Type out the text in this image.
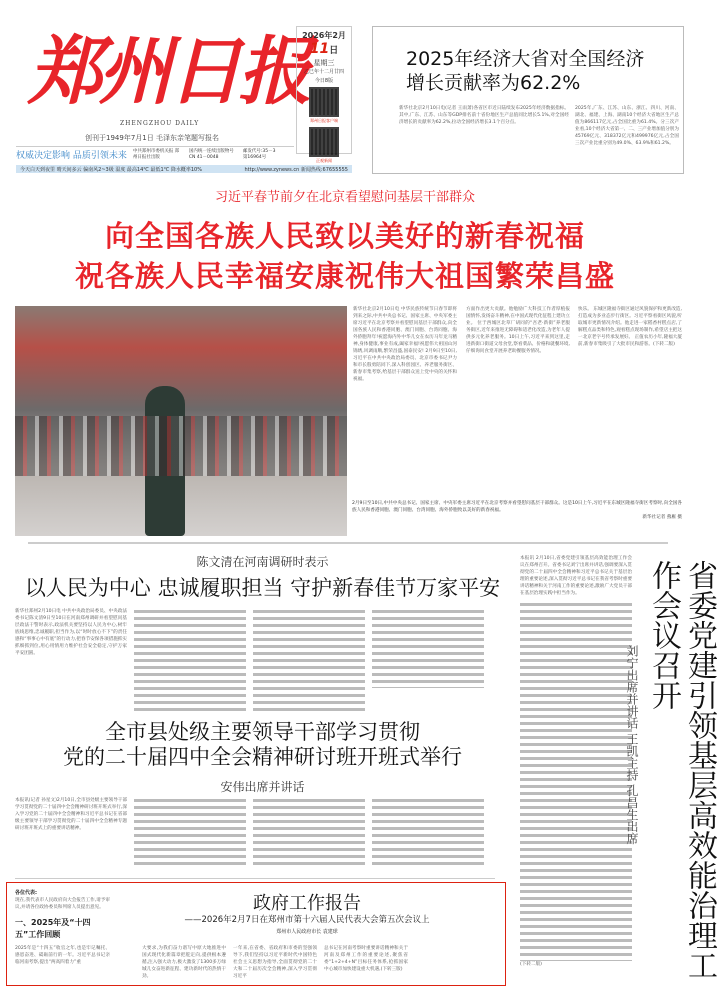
郑州日报
ZHENGZHOU DAILY
创刊于1949年7月1日 毛泽东亲笔题写报名
2026年2月
11日
星期三
乙巳年十二月廿四
今日8版
郑州日报客户端
正观新闻
权威决定影响 品质引领未来 中共郑州市委机关报 郑州日报社出版
国内统一连续出版物号 CN 41－0048
邮发代号:35－3 第16964号
今天白天到夜里 晴天间多云 偏南风2~3级 温度 最高14℃ 最低1℃ 降水概率10%	http://www.zynews.cn 新闻热线:67655555
2025年经济大省对全国经济增长贡献率为62.2%
新华社北京2月10日电(记者 王雨萧)各省区市近日陆续发布2025年经济数据指标。其中,广东、江苏、山东等GDP排名前十省份地区生产总值同比增长5.1%,对全国经济增长的贡献率为62.2%,拉动全国经济增长3.1个百分点。
2025年,广东、江苏、山东、浙江、四川、河南、湖北、福建、上海、湖南10个经济大省地区生产总值为866117亿元,占全国比重为61.4%。分三次产业看,10个经济大省第一、二、三产业增加值分别为45769亿元、318372亿元和499976亿元,占全国三次产业比重分别为49.0%、63.9%和61.2%。
习近平春节前夕在北京看望慰问基层干部群众
向全国各族人民致以美好的新春祝福
祝各族人民幸福安康祝伟大祖国繁荣昌盛
新华社北京2月10日电 中华民族传统节日春节即将到来之际,中共中央总书记、国家主席、中央军委主席习近平在北京考察并看望慰问基层干部群众,向全国各族人民和香港同胞、澳门同胞、台湾同胞、海外侨胞拜年!祝愿海内外中华儿女在农历马年龙马精神,身体健康,事业有成,阖家幸福!祝愿伟大祖国山河锦绣,风调雨顺,繁荣昌盛,国泰民安! 2月9日至10日,习近平在中共中央政治局委员、北京市委书记尹力和市长殷勇陪同下,深入科创园区、养老服务街区、新春市集考察,给基层干部群众送上党中央的关怀和祝福。
方面作出更大贡献。他勉励广大科技工作者厚植报国情怀,发扬奋斗精神,在中国式现代化征程上建功立业。 位于西城区北草厂胡同的“吾老·新街”养老服务街区,近年来推进无障碍和适老化改造,为老年人提供多元化养老服务。10日上午,习近平来到这里,走进新街口街道父母食堂,察看菜品、价格和就餐环境,仔细询问食堂开展养老助餐服务情况。
快乐。 东城区隆福寺街区通过风貌保护和更新改造,打造成为多业态步行街区。习近平察看街区风貌,听取城市更新情况介绍。他走进一家稻香村糕点店,了解糕点品类和特色,观看糕点现场制作,希望店主把这一北京老字号传承发展好。 正值农历小年,隆福大厦前,新春市集吸引了大批市民和游客。(下转二版)
2月9日至10日,中共中央总书记、国家主席、中央军委主席习近平在北京考察并看望慰问基层干部群众。这是10日上午,习近平在东城区隆福寺街区考察时,向全国各族人民和香港同胞、澳门同胞、台湾同胞、海外侨胞致以美好的新春祝福。
新华社记者 燕雁 摄
陈文清在河南调研时表示
以人民为中心 忠诚履职担当 守护新春佳节万家平安
新华社郑州2月10日电 中共中央政治局委员、中央政法委书记陈文清9日至10日在河南郑州调研并看望慰问基层政法干警时表示,政法机关要坚持以人民为中心,树牢底线思维,忠诚履职,担当作为,以“时时放心不下”的责任感和“事事心中有底”的行动力,把春节安保各项措施抓实抓细抓到位,用心用情用力维护社会安全稳定,守护万家平安团圆。
全市县处级主要领导干部学习贯彻
党的二十届四中全会精神研讨班开班式举行
安伟出席并讲话
本报讯(记者 孙星文)2月10日,全市县处级主要领导干部学习贯彻党的二十届四中全会精神研讨班开班式举行,深入学习党的二十届四中全会精神和习近平总书记在省部级主要领导干部学习贯彻党的二十届四中全会精神专题研讨班开班式上的重要讲话精神。
本报讯 2月10日,省委党建引领基层高效能治理工作会议在郑州召开。省委书记刘宁出席并讲话,强调要深入贯彻党的二十届四中全会精神和习近平总书记关于基层治理的重要论述,深入贯彻习近平总书记在我省考察时重要讲话精神和关于河南工作的重要论述,激励广大党员干部在基层治理实践中担当作为。
(下转二版)	省委党建引领基层高效能治理工作会议召开
刘宁出席并讲话 王凯主持 孔昌生出席
各位代表:
现在,我代表市人民政府向大会报告工作,请予审议,并请各位政协委员和列席人员提出意见。
一、2025年及“十四五”工作回顾
2025年是“十四五”收官之年,也是牢记嘱托、感恩奋进、砥砺前行的一年。习近平总书记亲临河南考察,提出“两高四着力”重
政府工作报告
——2026年2月7日在郑州市第十六届人民代表大会第五次会议上
郑州市人民政府市长 袁建球
大要求,为我们奋力谱写中原大地推进中国式现代化新篇章把舵定向,提供根本遵循,注入强大动力,极大激发了1300多万绿城儿女奋进新征程、建功新时代的热情干劲。
一年来,在省委、省政府和市委的坚强领导下,我们坚持以习近平新时代中国特色社会主义思想为指导,全面贯彻党的二十大和二十届历次全会精神,深入学习贯彻习近平
总书记在河南考察时重要讲话精神和关于河南及郑州工作的重要论述,聚焦省委“1+2+4+N”目标任务体系,抢抓国家中心城市加快建设重大机遇,(下转三版)
